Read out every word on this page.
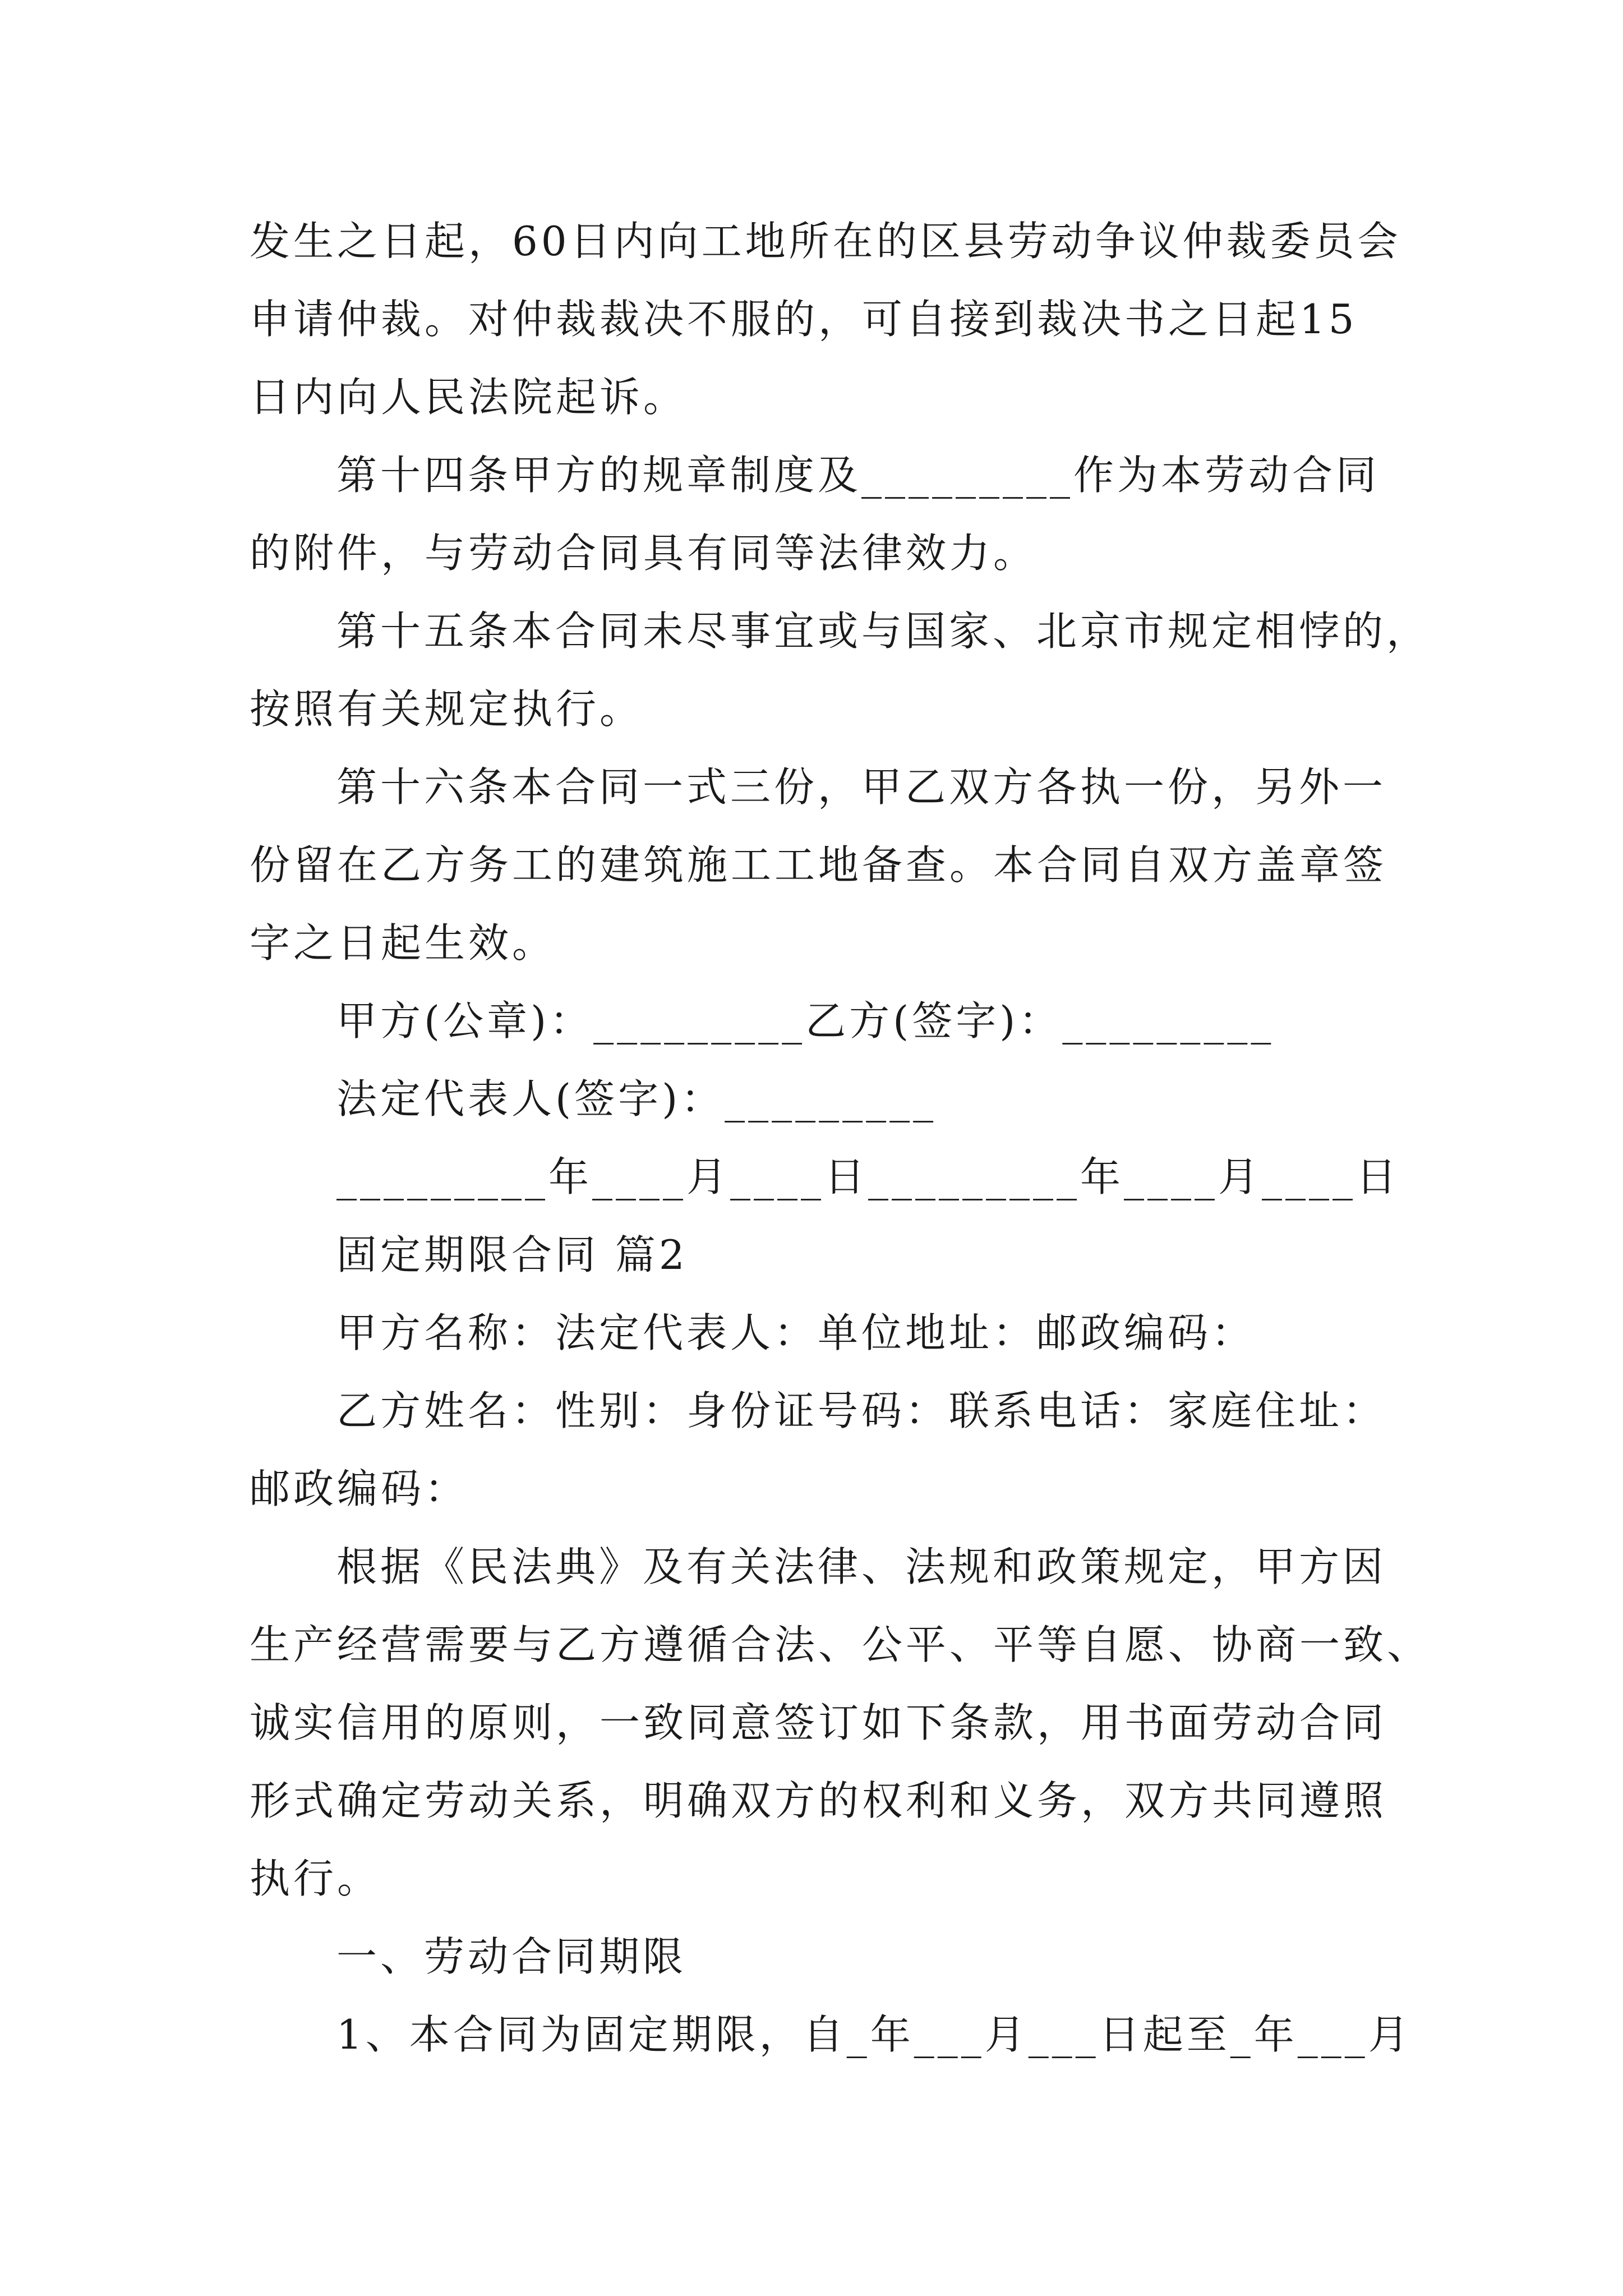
发生之日起，60日内向工地所在的区县劳动争议仲裁委员会
申请仲裁。对仲裁裁决不服的，可自接到裁决书之日起15
日内向人民法院起诉。
第十四条甲方的规章制度及_________作为本劳动合同
的附件，与劳动合同具有同等法律效力。
第十五条本合同未尽事宜或与国家、北京市规定相悖的，
按照有关规定执行。
第十六条本合同一式三份，甲乙双方各执一份，另外一
份留在乙方务工的建筑施工工地备查。本合同自双方盖章签
字之日起生效。
甲方(公章)：_________乙方(签字)：_________
法定代表人(签字)：_________
_________年____月____日_________年____月____日
固定期限合同 篇2
甲方名称：法定代表人：单位地址：邮政编码：
乙方姓名：性别：身份证号码：联系电话：家庭住址：
邮政编码：
根据《民法典》及有关法律、法规和政策规定，甲方因
生产经营需要与乙方遵循合法、公平、平等自愿、协商一致、
诚实信用的原则，一致同意签订如下条款，用书面劳动合同
形式确定劳动关系，明确双方的权利和义务，双方共同遵照
执行。
一、劳动合同期限
1、本合同为固定期限，自_年___月___日起至_年___月
